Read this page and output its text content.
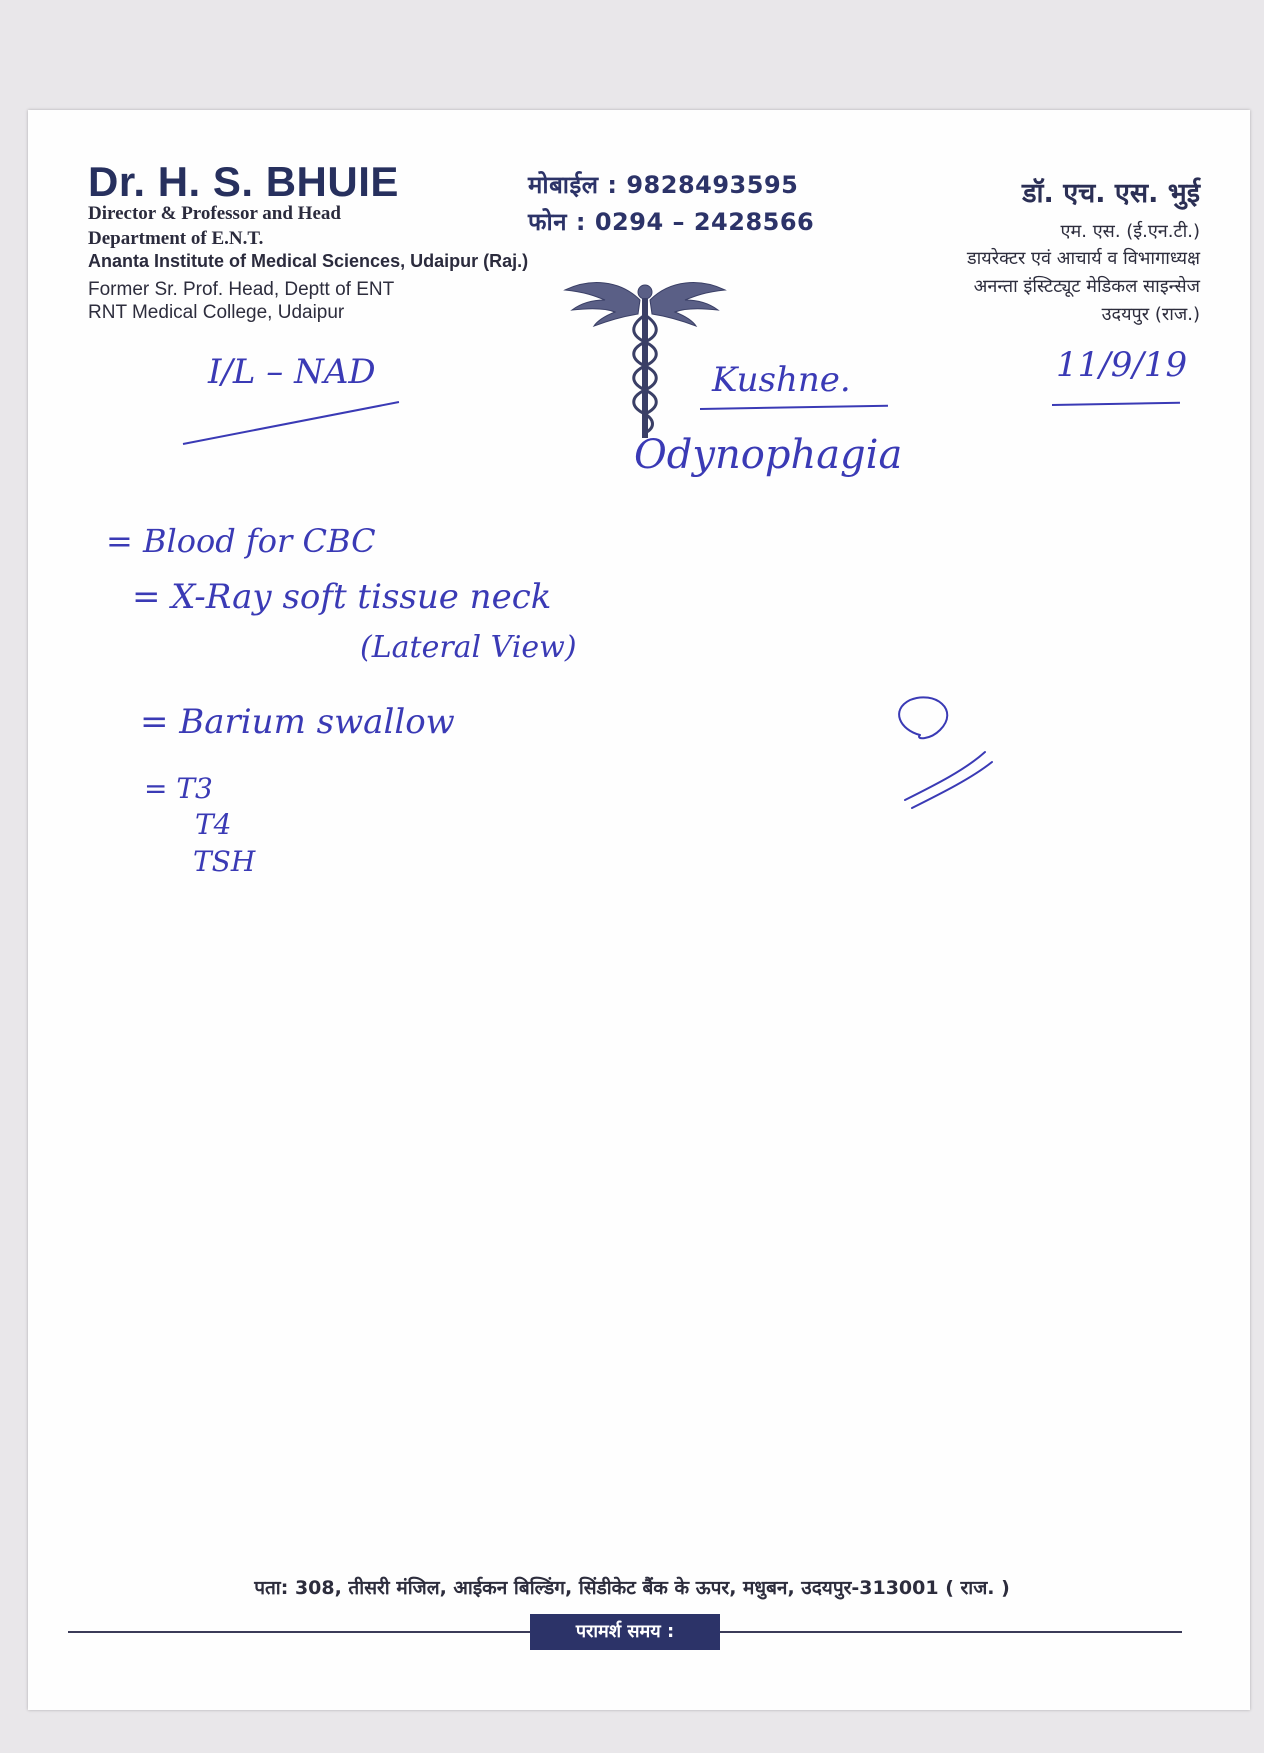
Dr. H. S. BHUIE

Director & Professor and Head

Department of E.N.T.

Ananta Institute of Medical Sciences, Udaipur (Raj.)

Former Sr. Prof. Head, Deptt of ENT

RNT Medical College, Udaipur

मोबाईल : 9828493595

फोन : 0294 – 2428566

डॉ. एच. एस. भुई

एम. एस. (ई.एन.टी.)

डायरेक्टर एवं आचार्य व विभागाध्यक्ष

अनन्ता इंस्टिट्यूट मेडिकल साइन्सेज

उदयपुर (राज.)

I/L – NAD	Kushne.
Odynophagia
11/9/19
= Blood for CBC
= X-Ray soft tissue neck
(Lateral View)
= Barium swallow
= T3
T4
TSH

पता: 308, तीसरी मंजिल, आईकन बिल्डिंग, सिंडीकेट बैंक के ऊपर, मधुबन, उदयपुर-313001 ( राज. )

परामर्श समय :
